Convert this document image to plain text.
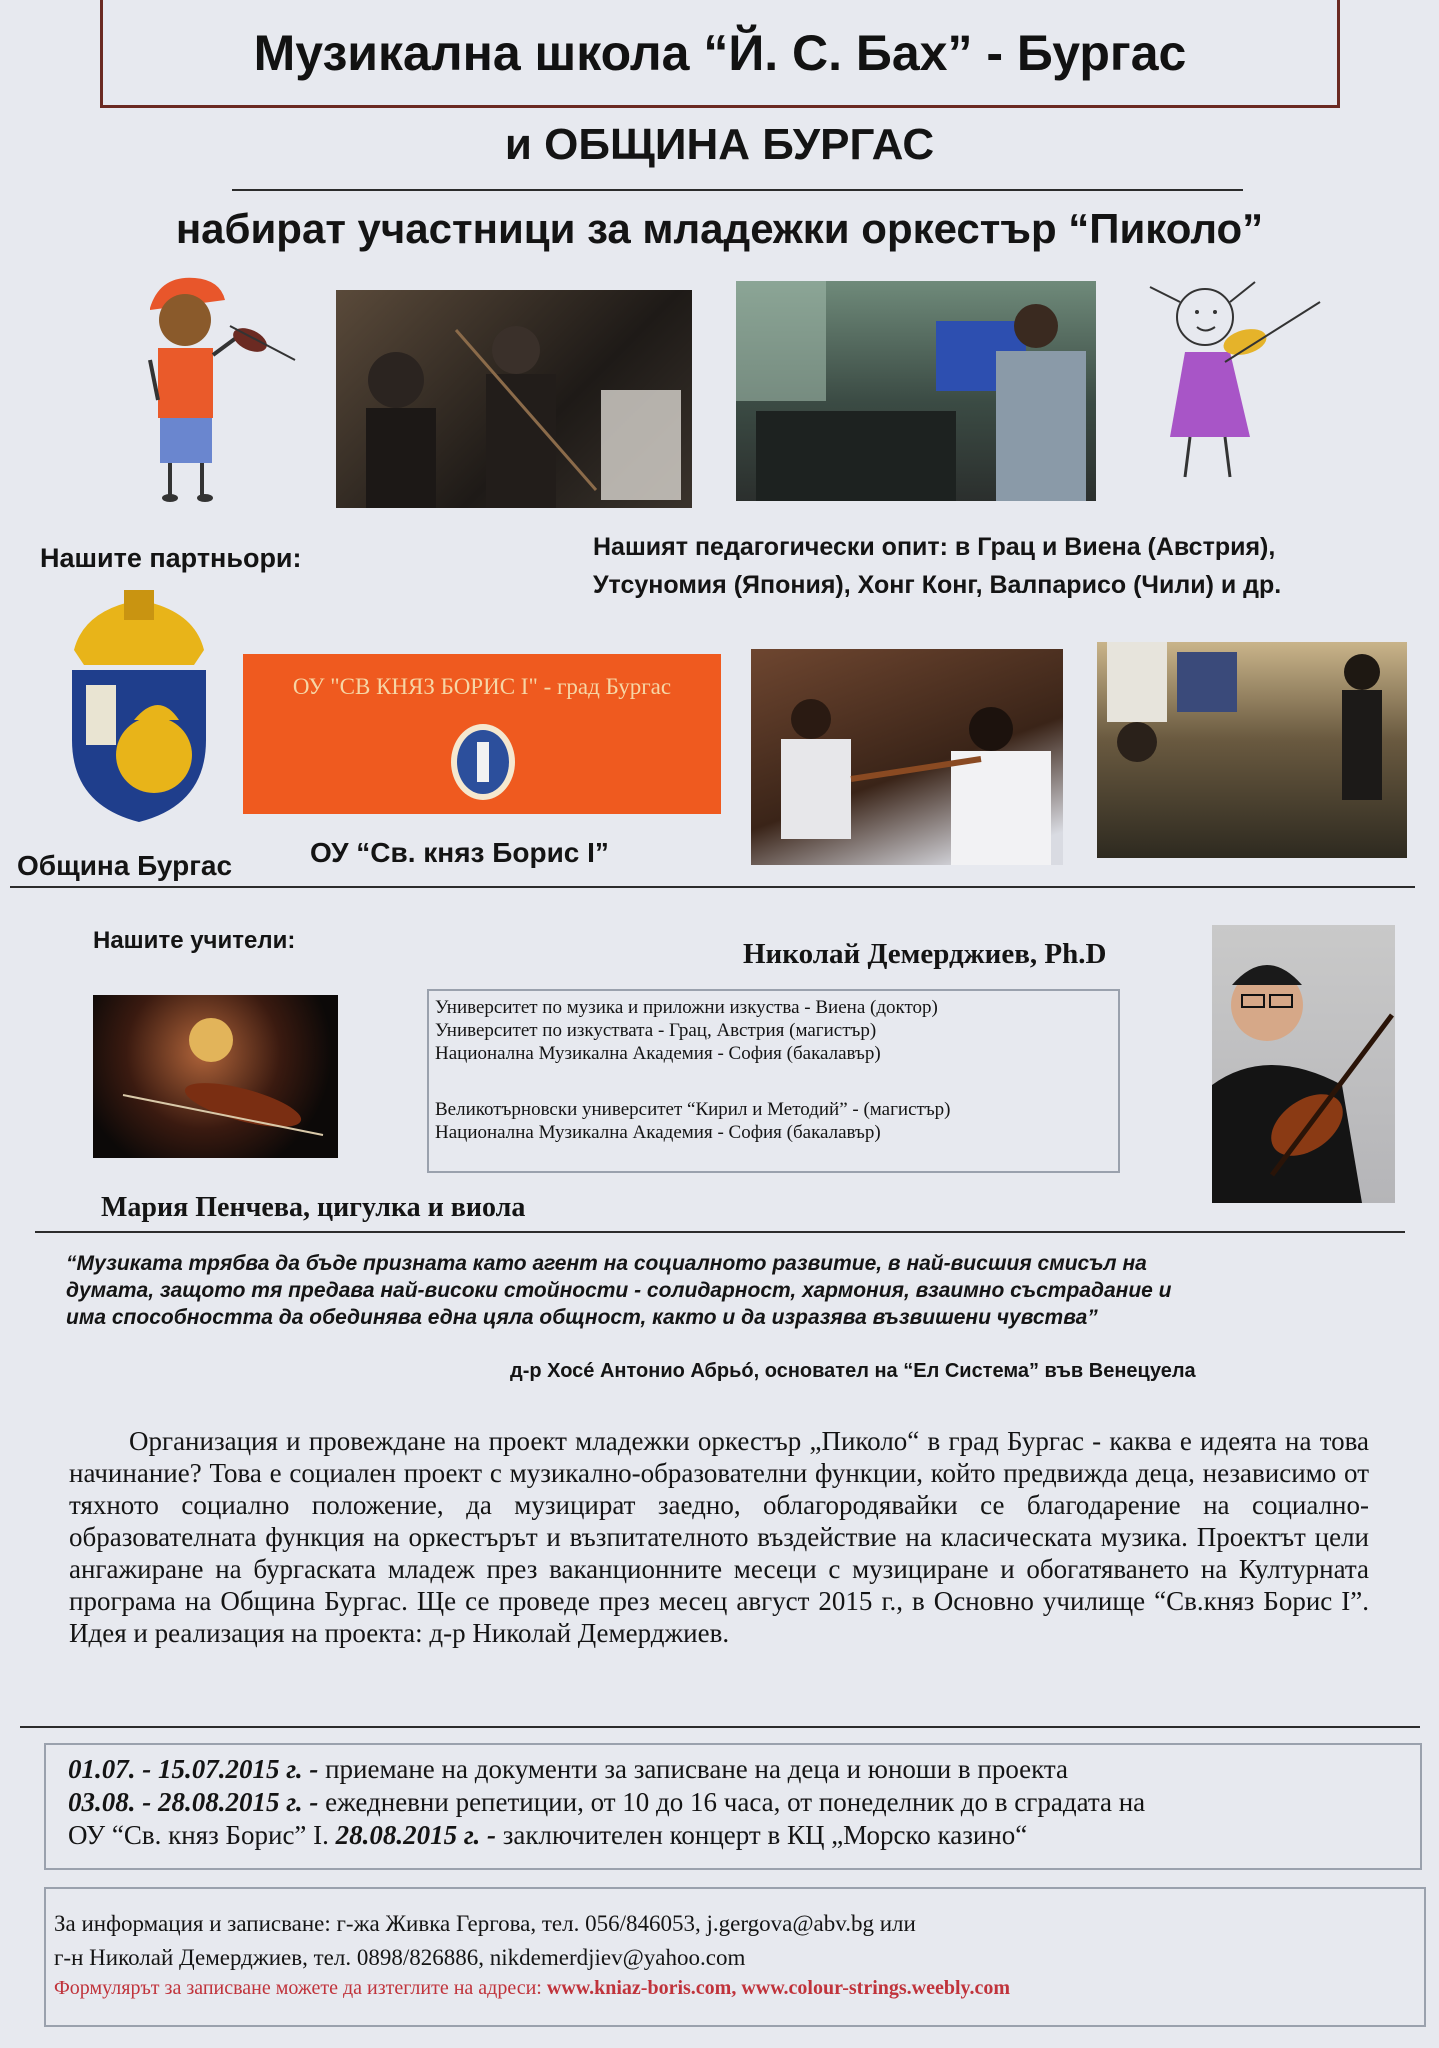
Музикална школа “Й. С. Бах” - Бургас
и ОБЩИНА БУРГАС
набират участници за младежки оркестър “Пиколо”
Нашите партньори:	Нашият педагогически опит: в Грац и Виена (Австрия),
Утсуномия (Япония), Хонг Конг, Валпарисо (Чили) и др.
ОУ "СВ КНЯЗ БОРИС I" - град Бургас
Община Бургас	ОУ “Св. княз Борис I”
Нашите учители:	Николай Демерджиев, Ph.D
Университет по музика и приложни изкуства - Виена (доктор)
Университет по изкуствата - Грац, Австрия (магистър)
Национална Музикална Академия - София (бакалавър)
Великотърновски университет “Кирил и Методий” - (магистър)
Национална Музикална Академия - София (бакалавър)
Мария Пенчева, цигулка и виола
“Музиката трябва да бъде призната като агент на социалното развитие, в най-висшия смисъл на
думата, защото тя предава най-високи стойности - солидарност, хармония, взаимно състрадание и
има способността да обединява една цяла общност, както и да изразява възвишени чувства”
д-р Хосé Антонио Абрьó, основател на “Ел Система” във Венецуела
Организация и провеждане на проект младежки оркестър „Пиколо“ в град Бургас - каква е идеята на това начинание? Това е социален проект с музикално-образователни функции, който предвижда деца, независимо от тяхното социално положение, да музицират заедно, облагородявайки се благодарение на социално-образователната функция на оркестърът и възпитателното въздействие на класическата музика. Проектът цели ангажиране на бургаската младеж през ваканционните месеци с музициране и обогатяването на Културната програма на Община Бургас. Ще се проведе през месец август 2015 г., в Основно училище “Св.княз Борис I”. Идея и реализация на проекта: д-р Николай Демерджиев.
01.07. - 15.07.2015 г. - приемане на документи за записване на деца и юноши в проекта
03.08. - 28.08.2015 г. - ежедневни репетиции, от 10 до 16 часа, от понеделник до в сградата на
ОУ “Св. княз Борис” I. 28.08.2015 г. - заключителен концерт в КЦ „Морско казино“
За информация и записване: г-жа Живка Гергова, тел. 056/846053, j.gergova@abv.bg или
г-н Николай Демерджиев, тел. 0898/826886, nikdemerdjiev@yahoo.com
Формулярът за записване можете да изтеглите на адреси: www.kniaz-boris.com, www.colour-strings.weebly.com
